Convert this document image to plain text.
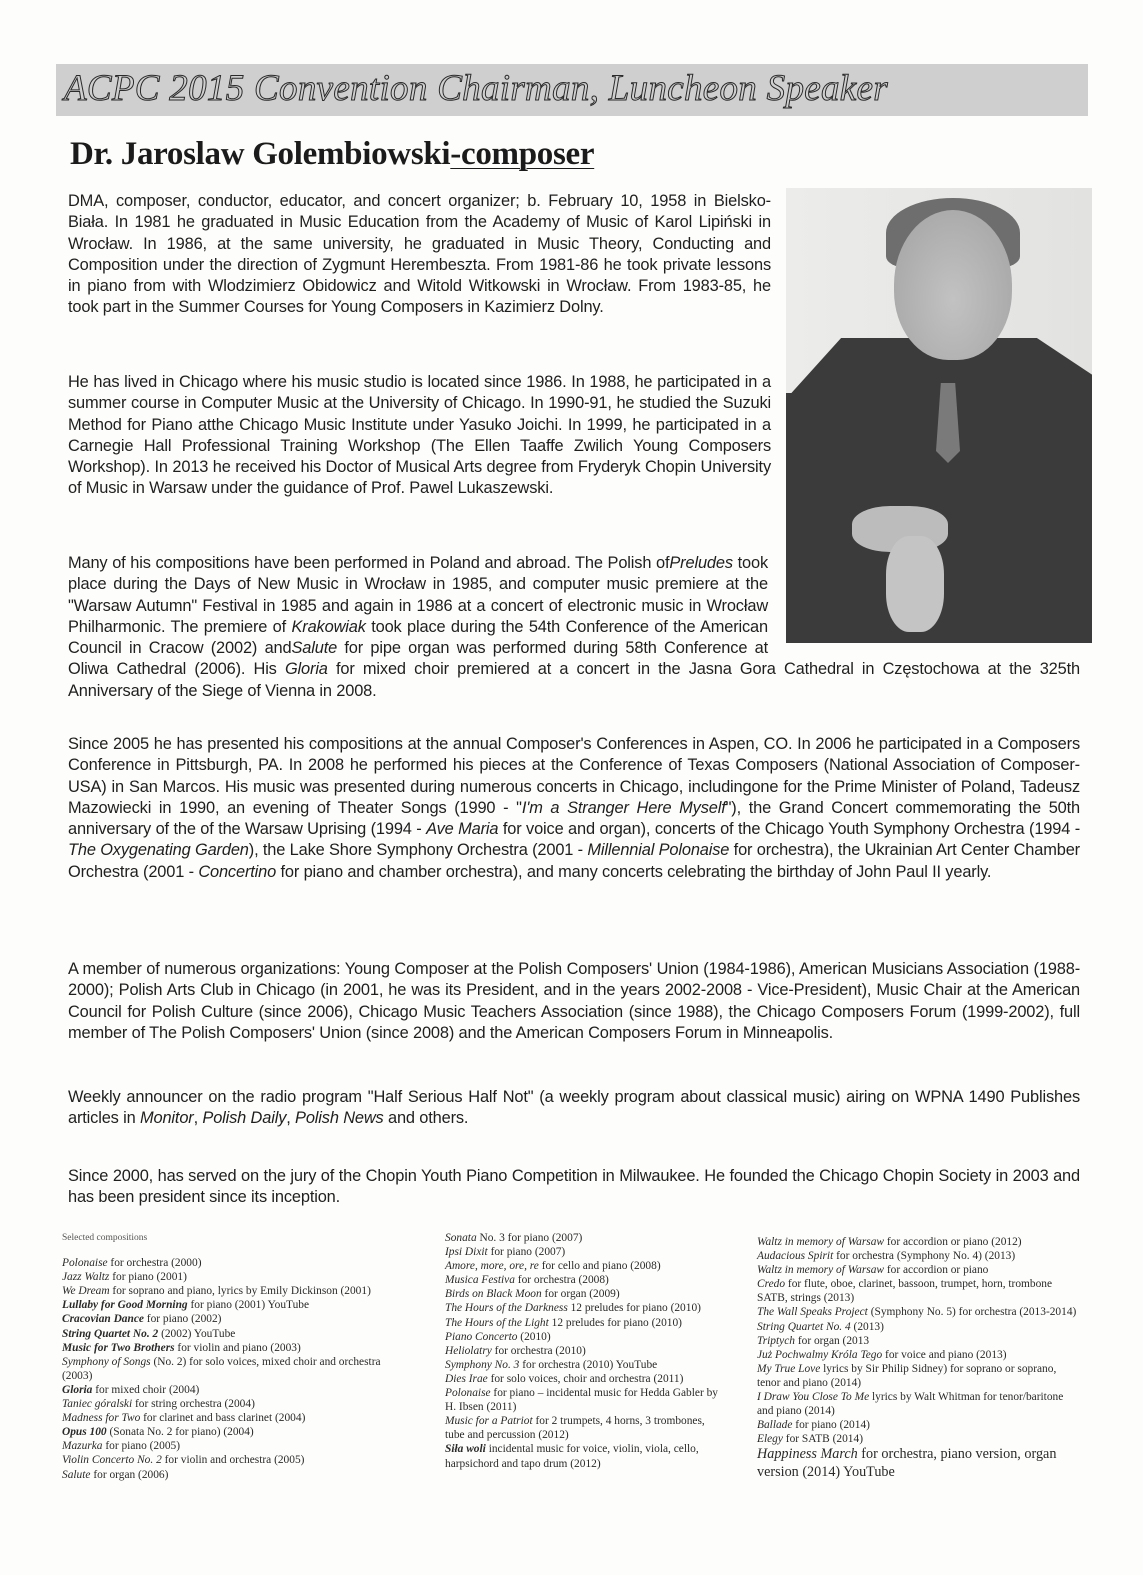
ACPC 2015 Convention Chairman, Luncheon Speaker
Dr. Jaroslaw Golembiowski-composer

DMA, composer, conductor, educator, and concert organizer; b. February 10, 1958 in Bielsko-Biała. In 1981 he graduated in Music Education from the Academy of Music of Karol Lipiński in Wrocław. In 1986, at the same university, he graduated in Music Theory, Conducting and Composition under the direction of Zygmunt Herembeszta. From 1981-86 he took private lessons in piano from with Wlodzimierz Obidowicz and Witold Witkowski in Wrocław. From 1983-85, he took part in the Summer Courses for Young Composers in Kazimierz Dolny.

He has lived in Chicago where his music studio is located since 1986. In 1988, he participated in a summer course in Computer Music at the University of Chicago. In 1990-91, he studied the Suzuki Method for Piano atthe Chicago Music Institute under Yasuko Joichi. In 1999, he participated in a Carnegie Hall Professional Training Workshop (The Ellen Taaffe Zwilich Young Composers Workshop). In 2013 he received his Doctor of Musical Arts degree from Fryderyk Chopin University of Music in Warsaw under the guidance of Prof. Pawel Lukaszewski.

Many of his compositions have been performed in Poland and abroad. The Polish ofPreludes took place during the Days of New Music in Wrocław in 1985, and computer music premiere at the "Warsaw Autumn" Festival in 1985 and again in 1986 at a concert of electronic music in Wrocław Philharmonic. The premiere of Krakowiak took place during the 54th Conference of the American Council in Cracow (2002) andSalute for pipe organ was performed during 58th Conference at Oliwa Cathedral (2006). His Gloria for mixed choir premiered at a concert in the Jasna Gora Cathedral in Częstochowa at the 325th Anniversary of the Siege of Vienna in 2008.

Since 2005 he has presented his compositions at the annual Composer's Conferences in Aspen, CO. In 2006 he participated in a Composers Conference in Pittsburgh, PA. In 2008 he performed his pieces at the Conference of Texas Composers (National Association of Composer-USA) in San Marcos. His music was presented during numerous concerts in Chicago, includingone for the Prime Minister of Poland, Tadeusz Mazowiecki in 1990, an evening of Theater Songs (1990 - "I'm a Stranger Here Myself"), the Grand Concert commemorating the 50th anniversary of the of the Warsaw Uprising (1994 - Ave Maria for voice and organ), concerts of the Chicago Youth Symphony Orchestra (1994 - The Oxygenating Garden), the Lake Shore Symphony Orchestra (2001 - Millennial Polonaise for orchestra), the Ukrainian Art Center Chamber Orchestra (2001 - Concertino for piano and chamber orchestra), and many concerts celebrating the birthday of John Paul II yearly.

A member of numerous organizations: Young Composer at the Polish Composers' Union (1984-1986), American Musicians Association (1988-2000); Polish Arts Club in Chicago (in 2001, he was its President, and in the years 2002-2008 - Vice-President), Music Chair at the American Council for Polish Culture (since 2006), Chicago Music Teachers Association (since 1988), the Chicago Composers Forum (1999-2002), full member of The Polish Composers' Union (since 2008) and the American Composers Forum in Minneapolis.

Weekly announcer on the radio program "Half Serious Half Not" (a weekly program about classical music) airing on WPNA 1490 Publishes articles in Monitor, Polish Daily, Polish News and others.

Since 2000, has served on the jury of the Chopin Youth Piano Competition in Milwaukee. He founded the Chicago Chopin Society in 2003 and has been president since its inception.

Selected compositions
Polonaise for orchestra (2000)
Jazz Waltz for piano (2001)
We Dream for soprano and piano, lyrics by Emily Dickinson (2001)
Lullaby for Good Morning for piano (2001) YouTube
Cracovian Dance for piano (2002)
String Quartet No. 2 (2002) YouTube
Music for Two Brothers for violin and piano (2003)
Symphony of Songs (No. 2) for solo voices, mixed choir and orchestra (2003)
Gloria for mixed choir (2004)
Taniec góralski for string orchestra (2004)
Madness for Two for clarinet and bass clarinet (2004)
Opus 100 (Sonata No. 2 for piano) (2004)
Mazurka for piano (2005)
Violin Concerto No. 2 for violin and orchestra (2005)
Salute for organ (2006)
Sonata No. 3 for piano (2007)
Ipsi Dixit for piano (2007)
Amore, more, ore, re for cello and piano (2008)
Musica Festiva for orchestra (2008)
Birds on Black Moon for organ (2009)
The Hours of the Darkness 12 preludes for piano (2010)
The Hours of the Light 12 preludes for piano (2010)
Piano Concerto (2010)
Heliolatry for orchestra (2010)
Symphony No. 3 for orchestra (2010) YouTube
Dies Irae for solo voices, choir and orchestra (2011)
Polonaise for piano – incidental music for Hedda Gabler by H. Ibsen (2011)
Music for a Patriot for 2 trumpets, 4 horns, 3 trombones, tube and percussion (2012)
Siła woli incidental music for voice, violin, viola, cello, harpsichord and tapo drum (2012)
Waltz in memory of Warsaw for accordion or piano (2012)
Audacious Spirit for orchestra (Symphony No. 4) (2013)
Waltz in memory of Warsaw for accordion or piano
Credo for flute, oboe, clarinet, bassoon, trumpet, horn, trombone SATB, strings (2013)
The Wall Speaks Project (Symphony No. 5) for orchestra (2013-2014)
String Quartet No. 4 (2013)
Triptych for organ (2013
Już Pochwalmy Króla Tego for voice and piano (2013)
My True Love lyrics by Sir Philip Sidney) for soprano or soprano, tenor and piano (2014)
I Draw You Close To Me lyrics by Walt Whitman for tenor/baritone and piano (2014)
Ballade for piano (2014)
Elegy for SATB (2014)
Happiness March for orchestra, piano version, organ version (2014) YouTube
